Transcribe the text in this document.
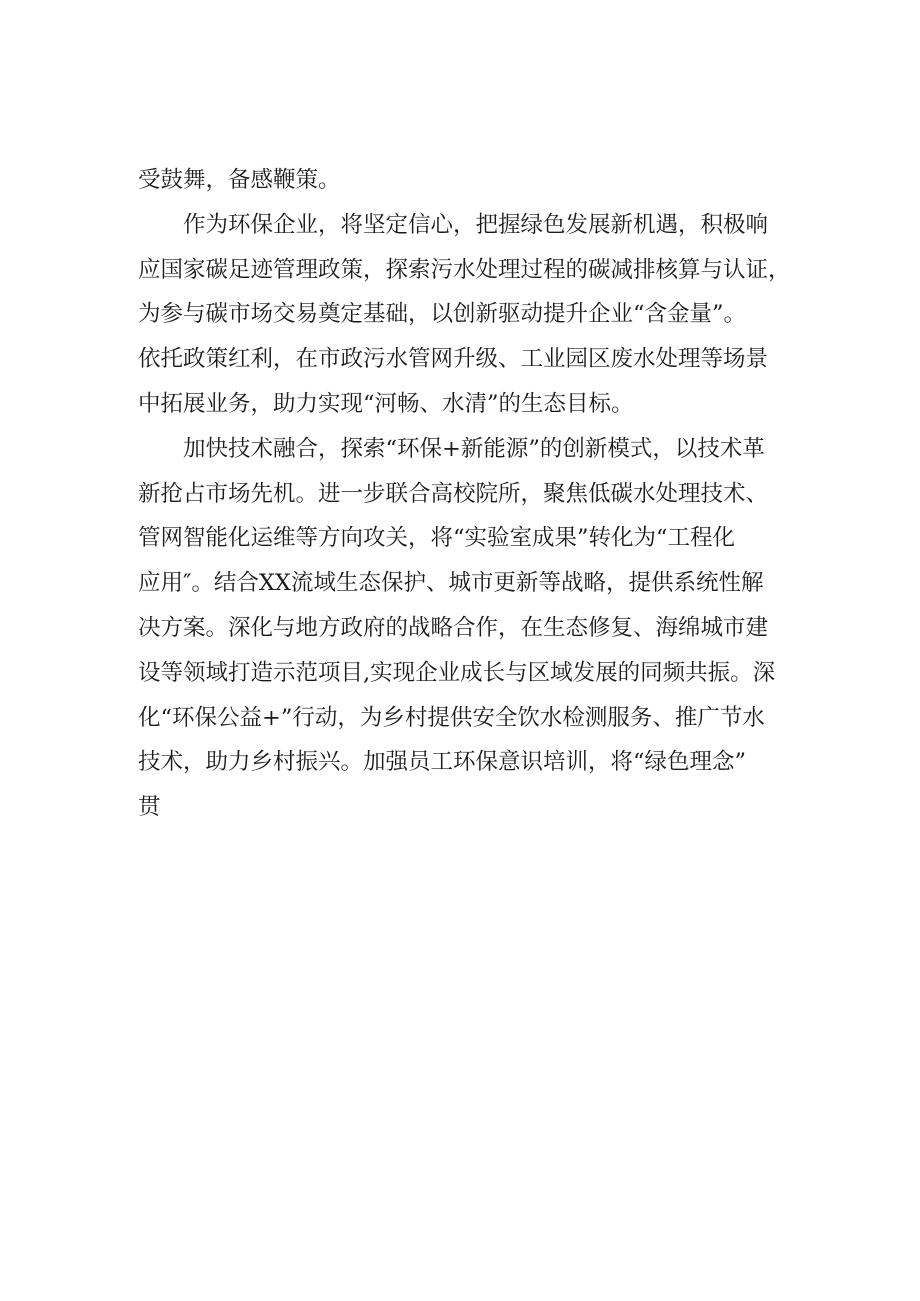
受鼓舞，备感鞭策。
　　作为环保企业，将坚定信心，把握绿色发展新机遇，积极响
应国家碳足迹管理政策，探索污水处理过程的碳减排核算与认证，
为参与碳市场交易奠定基础，以创新驱动提升企业“含金量”。
依托政策红利，在市政污水管网升级、工业园区废水处理等场景
中拓展业务，助力实现“河畅、水清”的生态目标。
　　加快技术融合，探索“环保+新能源”的创新模式，以技术革
新抢占市场先机。进一步联合高校院所，聚焦低碳水处理技术、
管网智能化运维等方向攻关，将“实验室成果”转化为“工程化
应用″。结合XX流域生态保护、城市更新等战略，提供系统性解
决方案。深化与地方政府的战略合作，在生态修复、海绵城市建
设等领域打造示范项目,实现企业成长与区域发展的同频共振。深
化“环保公益+”行动，为乡村提供安全饮水检测服务、推广节水
技术，助力乡村振兴。加强员工环保意识培训，将“绿色理念”
贯
